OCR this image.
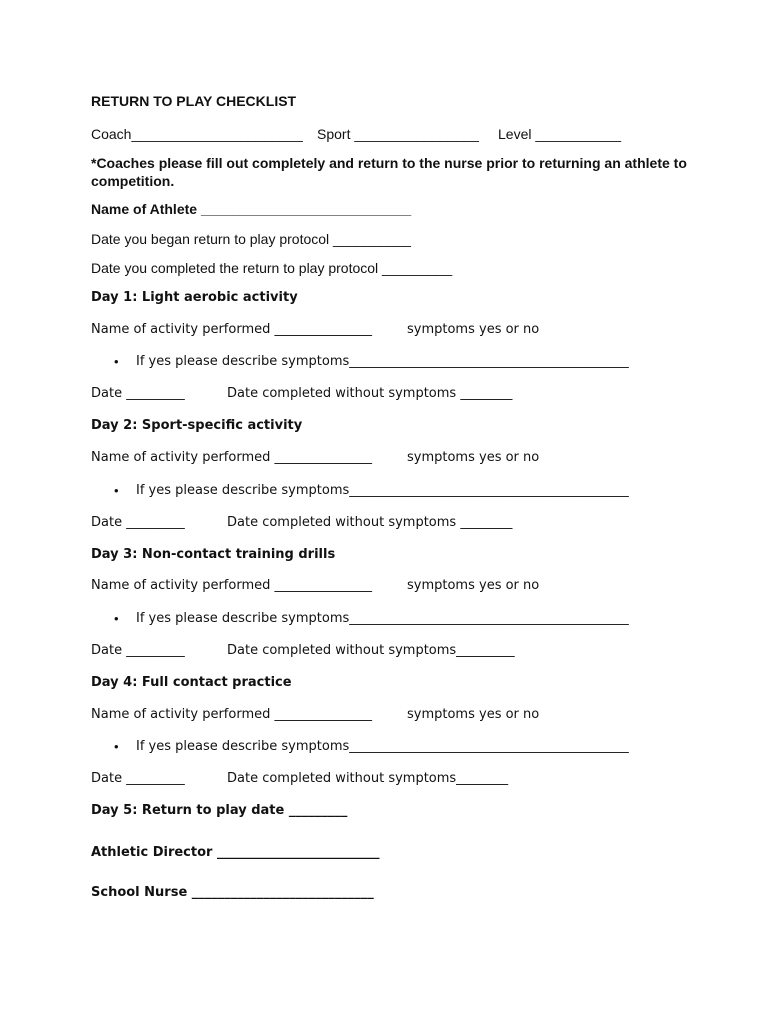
RETURN TO PLAY CHECKLIST
Coach______________________ Sport ________________ Level ___________
*Coaches please fill out completely and return to the nurse prior to returning an athlete to competition.
Name of Athlete ___________________________
Date you began return to play protocol __________
Date you completed the return to play protocol _________
Day 1: Light aerobic activity
Name of activity performed _______________	symptoms yes or no
• If yes please describe symptoms___________________________________________
Date _________	Date completed without symptoms ________
Day 2: Sport-specific activity
Name of activity performed _______________	symptoms yes or no
• If yes please describe symptoms___________________________________________
Date _________	Date completed without symptoms ________
Day 3: Non-contact training drills
Name of activity performed _______________	symptoms yes or no
• If yes please describe symptoms___________________________________________
Date _________	Date completed without symptoms_________
Day 4: Full contact practice
Name of activity performed _______________	symptoms yes or no
• If yes please describe symptoms___________________________________________
Date _________	Date completed without symptoms________
Day 5: Return to play date _________
Athletic Director _________________________
School Nurse ____________________________
